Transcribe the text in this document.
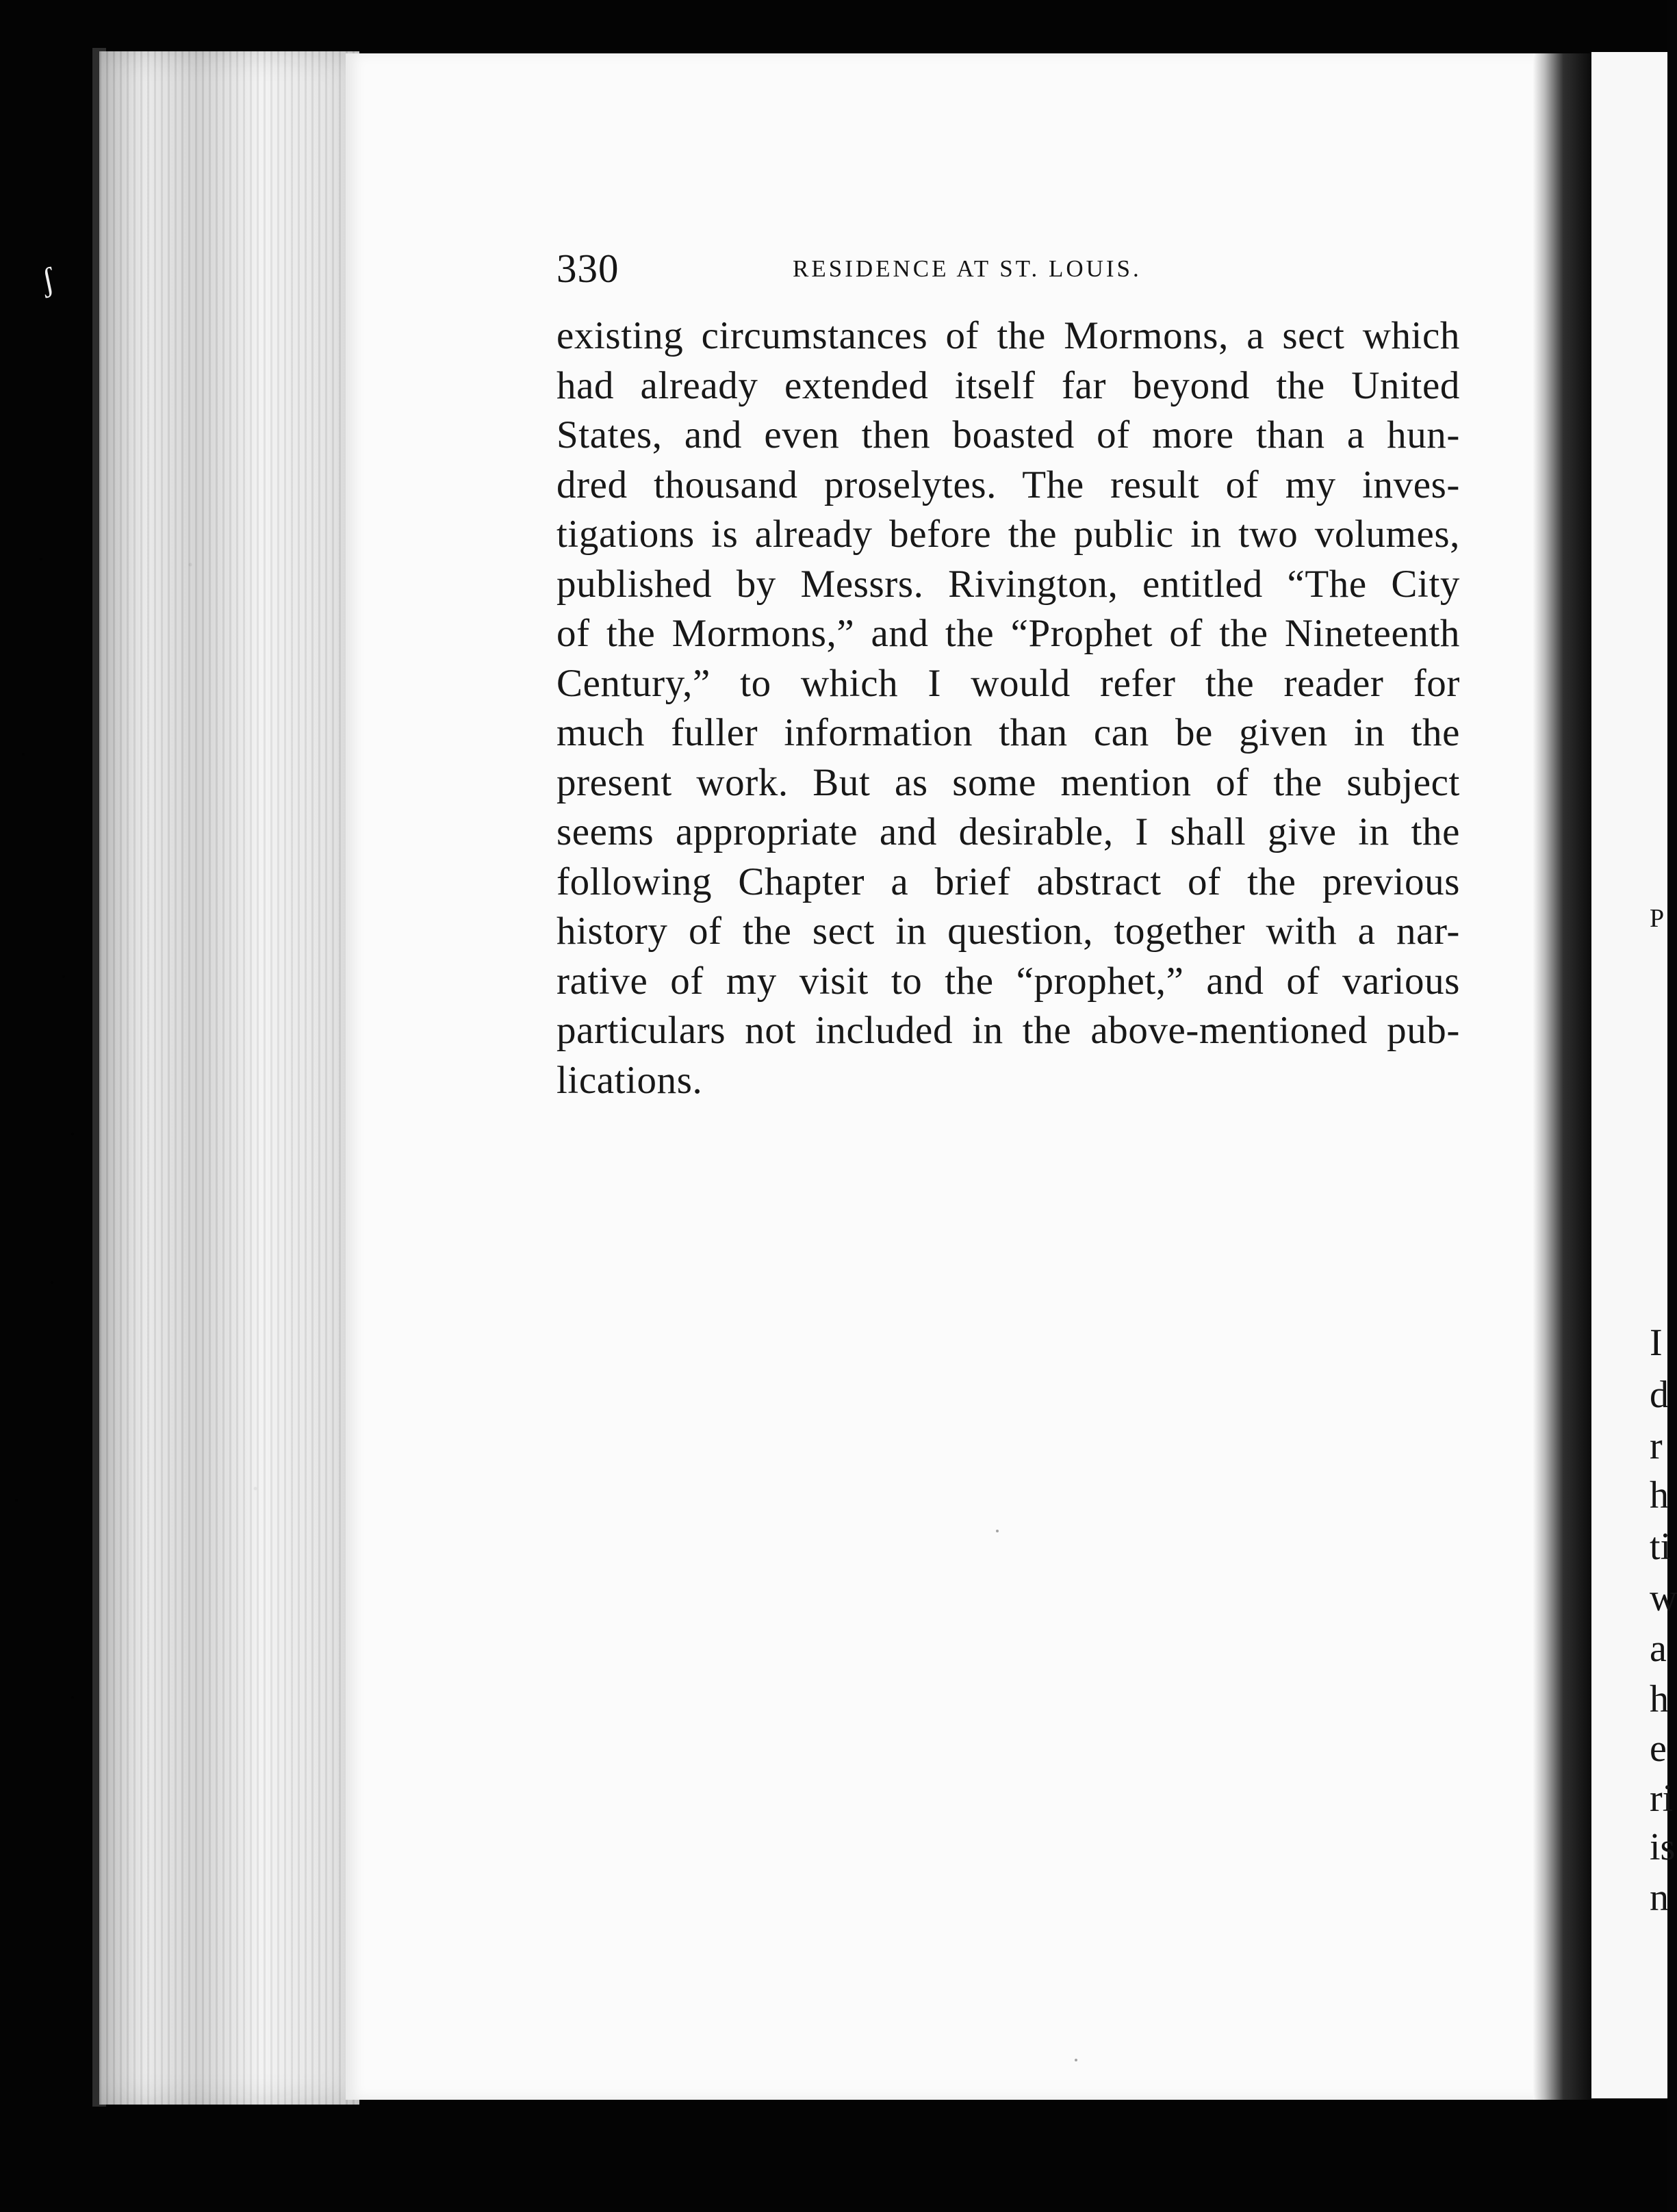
330	RESIDENCE AT ST. LOUIS.
existing circumstances of the Mormons, a sect which
had already extended itself far beyond the United
States, and even then boasted of more than a hun-
dred thousand proselytes. The result of my inves-
tigations is already before the public in two volumes,
published by Messrs. Rivington, entitled “The City
of the Mormons,” and the “Prophet of the Nineteenth
Century,” to which I would refer the reader for
much fuller information than can be given in the
present work. But as some mention of the subject
seems appropriate and desirable, I shall give in the
following Chapter a brief abstract of the previous
history of the sect in question, together with a nar-
rative of my visit to the “prophet,” and of various
particulars not included in the above-mentioned pub-
lications.
P
I
d
r
h
ti
w
a
h
e
ri
is
n
ʃ
